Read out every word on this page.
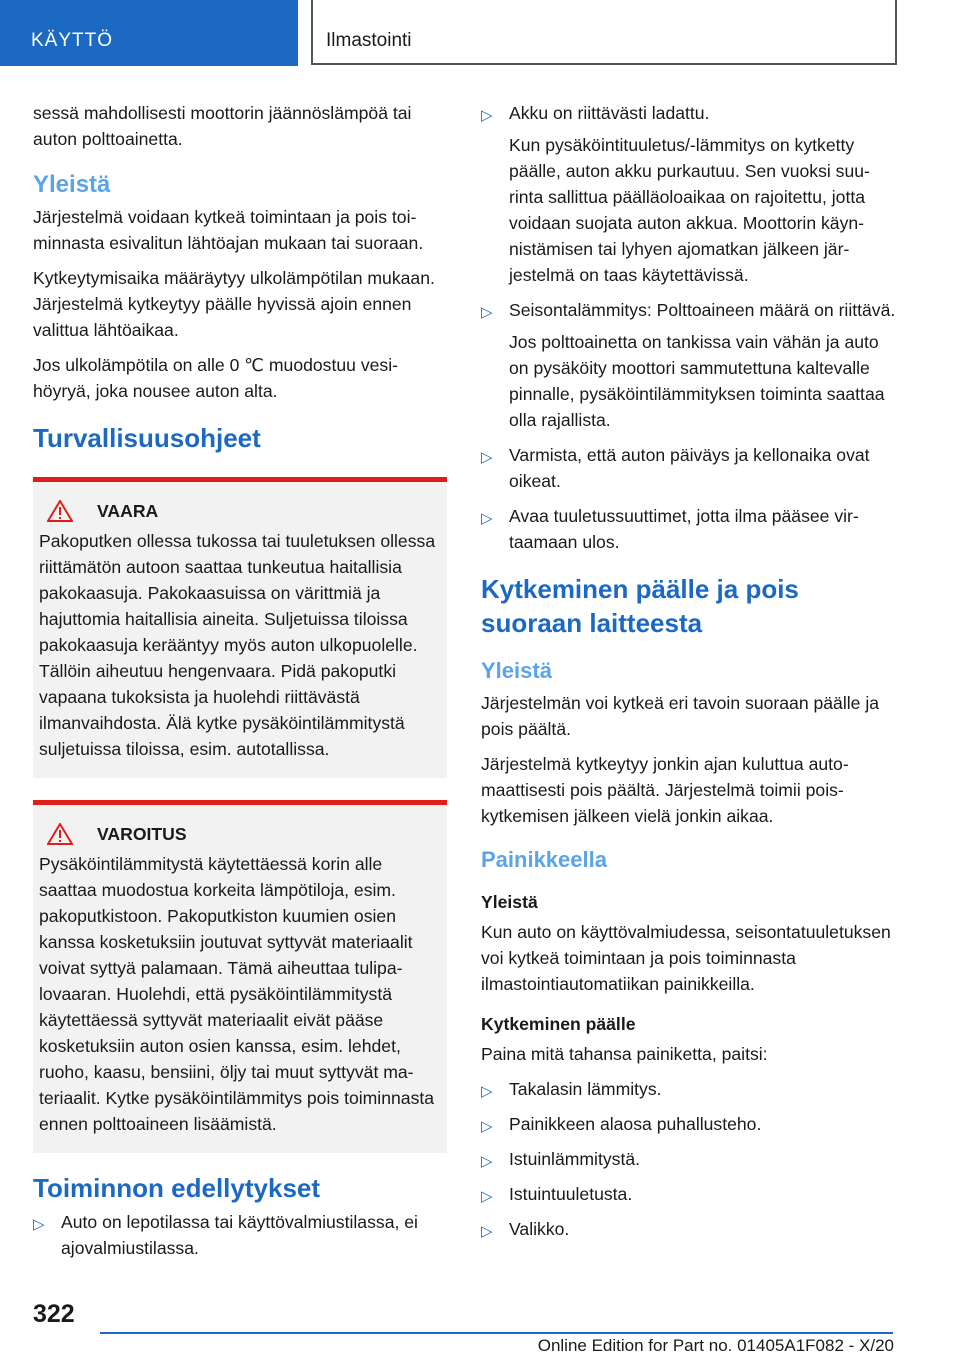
KÄYTTÖ	Ilmastointi

sessä mahdollisesti moottorin jäännöslämpöä tai auton polttoainetta.

Yleistä

Järjestelmä voidaan kytkeä toimintaan ja pois toiminnasta esivalitun lähtöajan mukaan tai suoraan.

Kytkeytymisaika määräytyy ulkolämpötilan mukaan. Järjestelmä kytkeytyy päälle hyvissä ajoin ennen valittua lähtöaikaa.

Jos ulkolämpötila on alle 0 ℃ muodostuu vesihöyryä, joka nousee auton alta.

Turvallisuusohjeet
VAARA

Pakoputken ollessa tukossa tai tuuletuksen ollessa riittämätön autoon saattaa tunkeutua haitallisia pakokaasuja. Pakokaasuissa on värittmiä ja hajuttomia haitallisia aineita. Suljetuissa tiloissa pakokaasuja kerääntyy myös auton ulkopuolelle. Tällöin aiheutuu hengenvaara. Pidä pakoputki vapaana tukoksista ja huolehdi riittävästä ilmanvaihdosta. Älä kytke pysäköintilämmitystä suljetuissa tiloissa, esim. autotallissa.

VAROITUS

Pysäköintilämmitystä käytettäessä korin alle saattaa muodostua korkeita lämpötiloja, esim. pakoputkistoon. Pakoputkiston kuumien osien kanssa kosketuksiin joutuvat syttyvät materiaalit voivat syttyä palamaan. Tämä aiheuttaa tulipalovaaran. Huolehdi, että pysäköintilämmitystä käytettäessä syttyvät materiaalit eivät pääse kosketuksiin auton osien kanssa, esim. lehdet, ruoho, kaasu, bensiini, öljy tai muut syttyvät materiaalit. Kytke pysäköintilämmitys pois toiminnasta ennen polttoaineen lisäämistä.

Toiminnon edellytykset
▷ Auto on lepotilassa tai käyttövalmiustilassa, ei ajovalmiustilassa.
▷ Akku on riittävästi ladattu.

Kun pysäköintituuletus/-lämmitys on kytketty päälle, auton akku purkautuu. Sen vuoksi suurinta sallittua päälläoloaikaa on rajoitettu, jotta voidaan suojata auton akkua. Moottorin käynnistämisen tai lyhyen ajomatkan jälkeen järjestelmä on taas käytettävissä.

▷ Seisontalämmitys: Polttoaineen määrä on riittävä.

Jos polttoainetta on tankissa vain vähän ja auto on pysäköity moottori sammutettuna kaltevalle pinnalle, pysäköintilämmityksen toiminta saattaa olla rajallista.

▷ Varmista, että auton päiväys ja kellonaika ovat oikeat.
▷ Avaa tuuletussuuttimet, jotta ilma pääsee virtaamaan ulos.
Kytkeminen päälle ja pois suoraan laitteesta
Yleistä

Järjestelmän voi kytkeä eri tavoin suoraan päälle ja pois päältä.

Järjestelmä kytkeytyy jonkin ajan kuluttua automaattisesti pois päältä. Järjestelmä toimii poiskytkemisen jälkeen vielä jonkin aikaa.

Painikkeella
Yleistä

Kun auto on käyttövalmiudessa, seisontatuuletuksen voi kytkeä toimintaan ja pois toiminnasta ilmastointiautomatiikan painikkeilla.

Kytkeminen päälle

Paina mitä tahansa painiketta, paitsi:

▷ Takalasin lämmitys.
▷ Painikkeen alaosa puhallusteho.
▷ Istuinlämmitystä.
▷ Istuintuuletusta.
▷ Valikko.
322
Online Edition for Part no. 01405A1F082 - X/20
